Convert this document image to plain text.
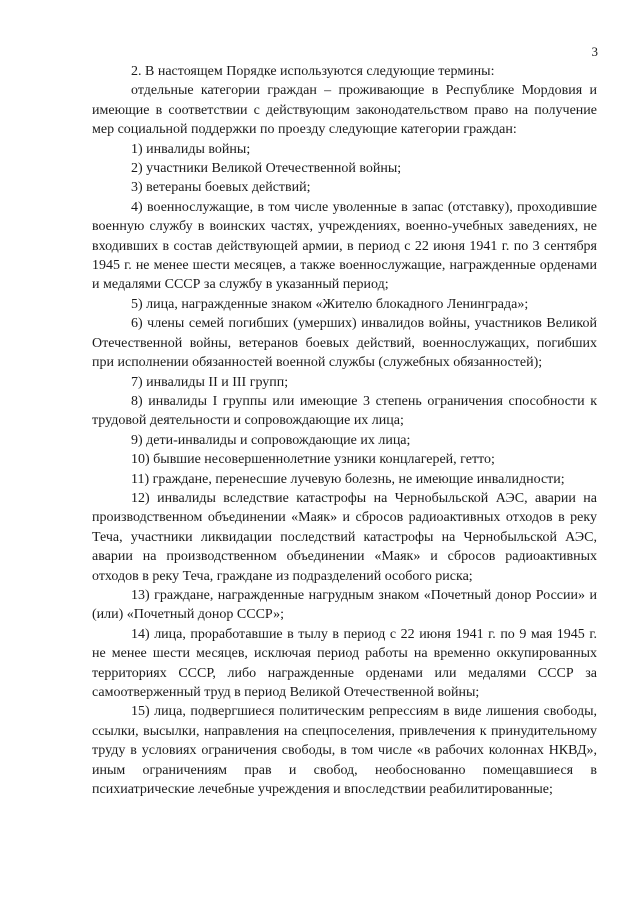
3

2. В настоящем Порядке используются следующие термины:

отдельные категории граждан – проживающие в Республике Мордовия и имеющие в соответствии с действующим законодательством право на получение мер социальной поддержки по проезду следующие категории граждан:

1) инвалиды войны;

2) участники Великой Отечественной войны;

3) ветераны боевых действий;

4) военнослужащие, в том числе уволенные в запас (отставку), проходившие военную службу в воинских частях, учреждениях, военно-учебных заведениях, не входивших в состав действующей армии, в период с 22 июня 1941 г. по 3 сентября 1945 г. не менее шести месяцев, а также военнослужащие, награжденные орденами и медалями СССР за службу в указанный период;

5) лица, награжденные знаком «Жителю блокадного Ленинграда»;

6) члены семей погибших (умерших) инвалидов войны, участников Великой Отечественной войны, ветеранов боевых действий, военнослужащих, погибших при исполнении обязанностей военной службы (служебных обязанностей);

7) инвалиды II и III групп;

8) инвалиды I группы или имеющие 3 степень ограничения способности к трудовой деятельности и сопровождающие их лица;

9) дети-инвалиды и сопровождающие их лица;

10) бывшие несовершеннолетние узники концлагерей, гетто;

11) граждане, перенесшие лучевую болезнь, не имеющие инвалидности;

12) инвалиды вследствие катастрофы на Чернобыльской АЭС, аварии на производственном объединении «Маяк» и сбросов радиоактивных отходов в реку Теча, участники ликвидации последствий катастрофы на Чернобыльской АЭС, аварии на производственном объединении «Маяк» и сбросов радиоактивных отходов в реку Теча, граждане из подразделений особого риска;

13) граждане, награжденные нагрудным знаком «Почетный донор России» и (или) «Почетный донор СССР»;

14) лица, проработавшие в тылу в период с 22 июня 1941 г. по 9 мая 1945 г. не менее шести месяцев, исключая период работы на временно оккупированных территориях СССР, либо награжденные орденами или медалями СССР за самоотверженный труд в период Великой Отечественной войны;

15) лица, подвергшиеся политическим репрессиям в виде лишения свободы, ссылки, высылки, направления на спецпоселения, привлечения к принудительному труду в условиях ограничения свободы, в том числе «в рабочих колоннах НКВД», иным ограничениям прав и свобод, необоснованно помещавшиеся в психиатрические лечебные учреждения и впоследствии реабилитированные;
